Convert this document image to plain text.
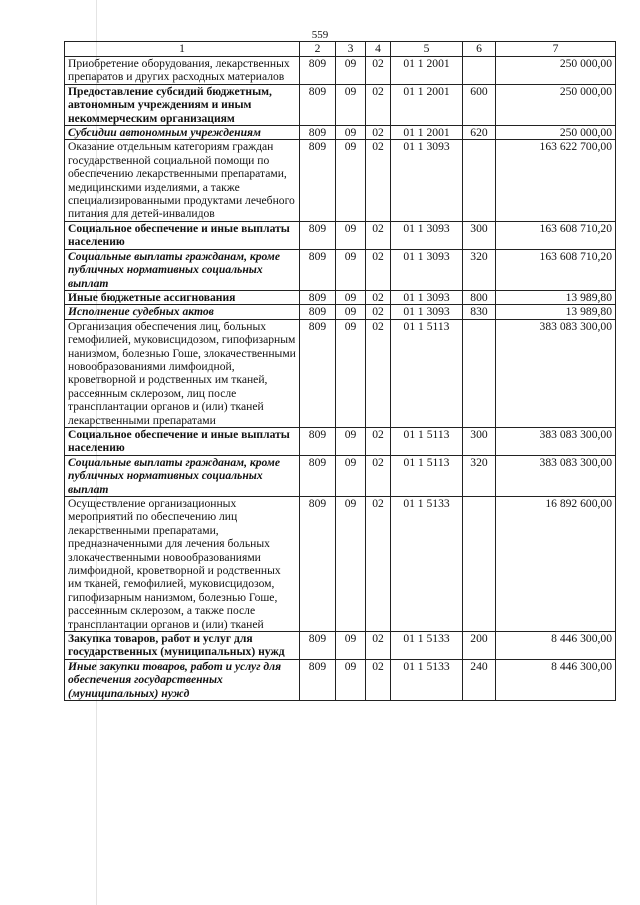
559
1	2	3	4	5	6	7
Приобретение оборудования, лекарственных препаратов и других расходных материалов	809	09	02	01 1 2001		250 000,00
Предоставление субсидий бюджетным, автономным учреждениям и иным некоммерческим организациям	809	09	02	01 1 2001	600	250 000,00
Субсидии автономным учреждениям	809	09	02	01 1 2001	620	250 000,00
Оказание отдельным категориям граждан государственной социальной помощи по обеспечению лекарственными препаратами, медицинскими изделиями, а также специализированными продуктами лечебного питания для детей-инвалидов	809	09	02	01 1 3093		163 622 700,00
Социальное обеспечение и иные выплаты населению	809	09	02	01 1 3093	300	163 608 710,20
Социальные выплаты гражданам, кроме публичных нормативных социальных выплат	809	09	02	01 1 3093	320	163 608 710,20
Иные бюджетные ассигнования	809	09	02	01 1 3093	800	13 989,80
Исполнение судебных актов	809	09	02	01 1 3093	830	13 989,80
Организация обеспечения лиц, больных гемофилией, муковисцидозом, гипофизарным нанизмом, болезнью Гоше, злокачественными новообразованиями лимфоидной, кроветворной и родственных им тканей, рассеянным склерозом, лиц после трансплантации органов и (или) тканей лекарственными препаратами	809	09	02	01 1 5113		383 083 300,00
Социальное обеспечение и иные выплаты населению	809	09	02	01 1 5113	300	383 083 300,00
Социальные выплаты гражданам, кроме публичных нормативных социальных выплат	809	09	02	01 1 5113	320	383 083 300,00
Осуществление организационных мероприятий по обеспечению лиц лекарственными препаратами, предназначенными для лечения больных злокачественными новообразованиями лимфоидной, кроветворной и родственных им тканей, гемофилией, муковисцидозом, гипофизарным нанизмом, болезнью Гоше, рассеянным склерозом, а также после трансплантации органов и (или) тканей	809	09	02	01 1 5133		16 892 600,00
Закупка товаров, работ и услуг для государственных (муниципальных) нужд	809	09	02	01 1 5133	200	8 446 300,00
Иные закупки товаров, работ и услуг для обеспечения государственных (муниципальных) нужд	809	09	02	01 1 5133	240	8 446 300,00
